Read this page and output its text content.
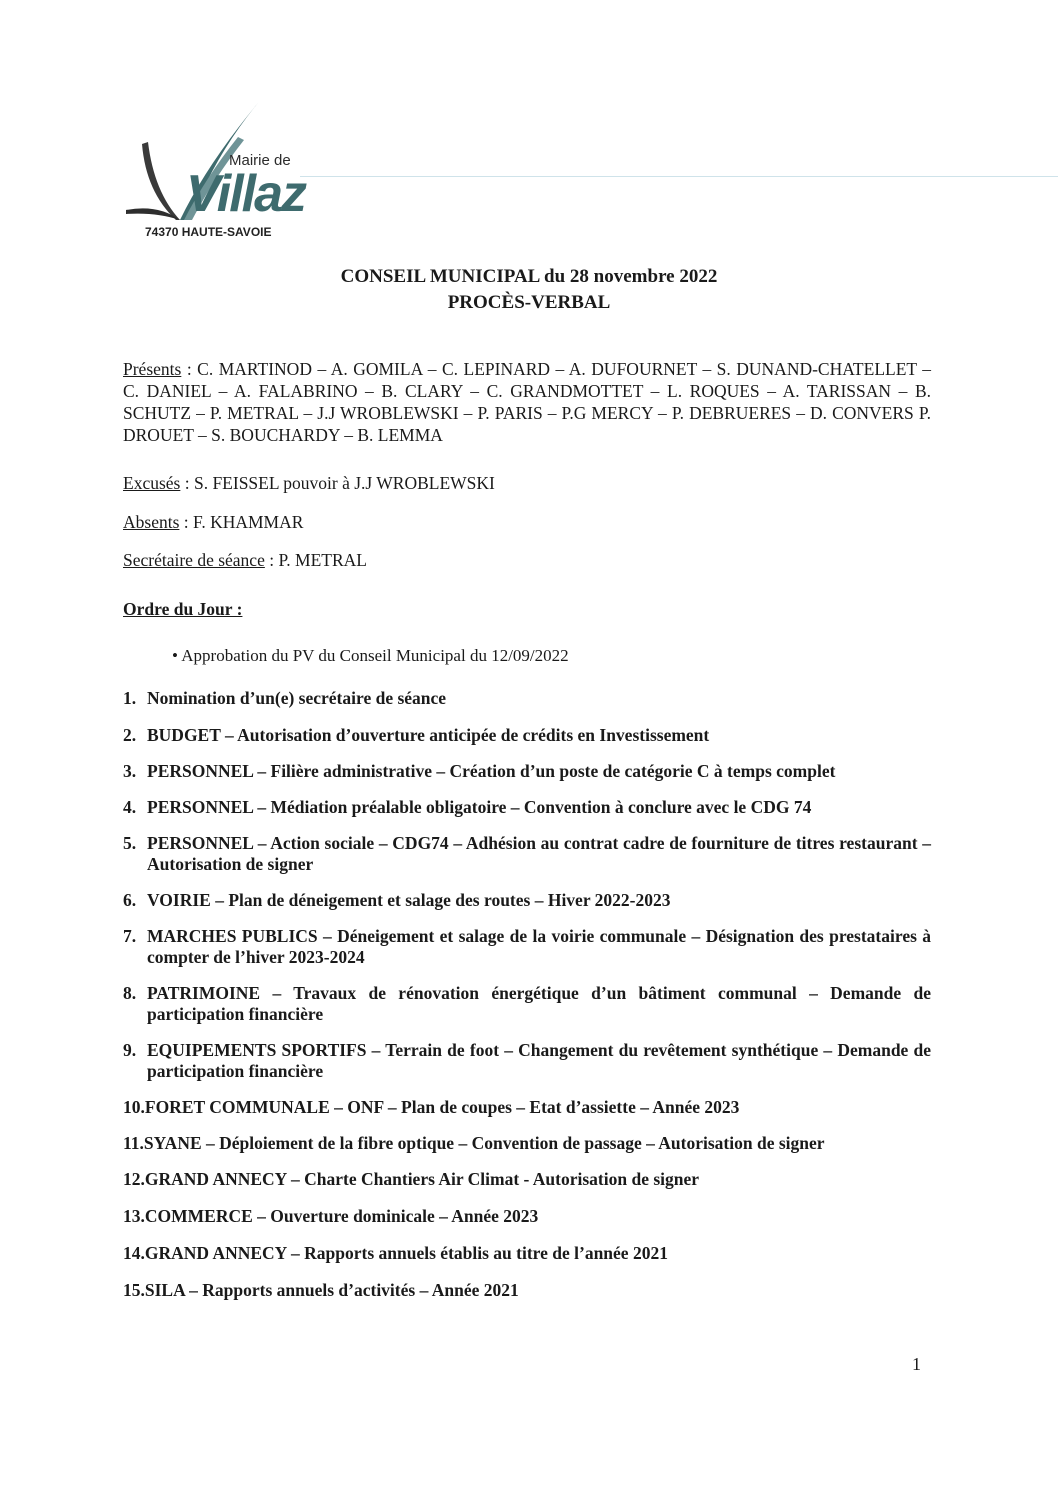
Mairie de
Villaz
74370 HAUTE-SAVOIE
CONSEIL MUNICIPAL du 28 novembre 2022
PROCÈS-VERBAL
Présents : C. MARTINOD – A. GOMILA – C. LEPINARD – A. DUFOURNET – S. DUNAND-CHATELLET – C. DANIEL – A. FALABRINO – B. CLARY – C. GRANDMOTTET – L. ROQUES – A. TARISSAN – B. SCHUTZ – P. METRAL – J.J WROBLEWSKI – P. PARIS – P.G MERCY – P. DEBRUERES – D. CONVERS P. DROUET – S. BOUCHARDY – B. LEMMA
Excusés : S. FEISSEL pouvoir à J.J WROBLEWSKI
Absents : F. KHAMMAR
Secrétaire de séance : P. METRAL
Ordre du Jour :
• Approbation du PV du Conseil Municipal du 12/09/2022
1. Nomination d’un(e) secrétaire de séance
2. BUDGET – Autorisation d’ouverture anticipée de crédits en Investissement
3. PERSONNEL – Filière administrative – Création d’un poste de catégorie C à temps complet
4. PERSONNEL – Médiation préalable obligatoire – Convention à conclure avec le CDG 74
5. PERSONNEL – Action sociale – CDG74 – Adhésion au contrat cadre de fourniture de titres restaurant – Autorisation de signer
6. VOIRIE – Plan de déneigement et salage des routes – Hiver 2022-2023
7. MARCHES PUBLICS – Déneigement et salage de la voirie communale – Désignation des prestataires à compter de l’hiver 2023-2024
8. PATRIMOINE – Travaux de rénovation énergétique d’un bâtiment communal – Demande de participation financière
9. EQUIPEMENTS SPORTIFS – Terrain de foot – Changement du revêtement synthétique – Demande de participation financière
10. FORET COMMUNALE – ONF – Plan de coupes – Etat d’assiette – Année 2023
11. SYANE – Déploiement de la fibre optique – Convention de passage – Autorisation de signer
12. GRAND ANNECY – Charte Chantiers Air Climat - Autorisation de signer
13. COMMERCE – Ouverture dominicale – Année 2023
14. GRAND ANNECY – Rapports annuels établis au titre de l’année 2021
15. SILA – Rapports annuels d’activités – Année 2021
1
